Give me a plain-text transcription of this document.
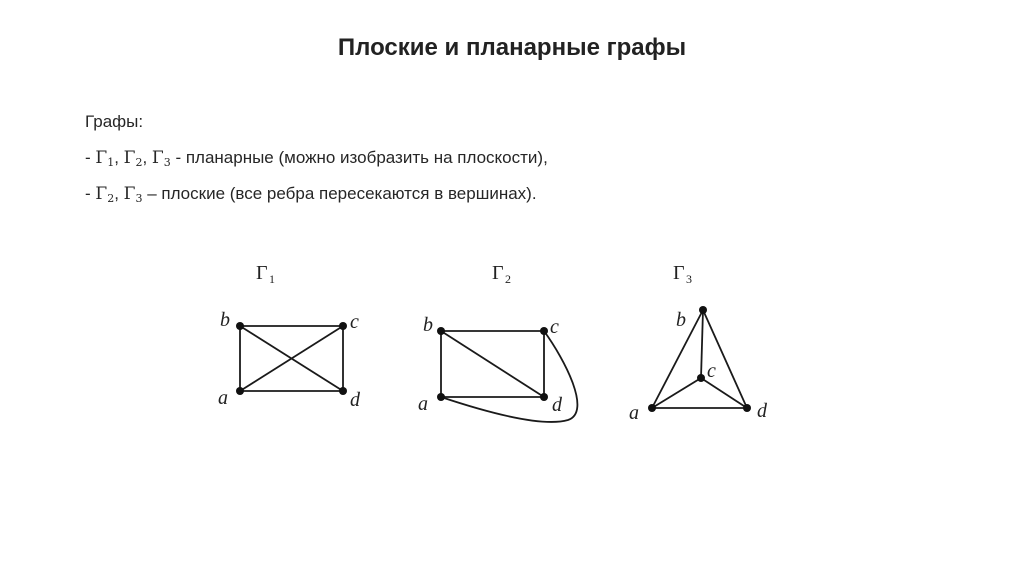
Плоские и планарные графы
Графы:
- $\Gamma_1$, $\Gamma_2$, $\Gamma_3$ - планарные (можно изобразить на плоскости),
- $\Gamma_2$, $\Gamma_3$ – плоские (все ребра пересекаются в вершинах).
Γ 1
b	c
a	d
Γ 2
b	c
a	d
Γ 3
b
c
a	d
